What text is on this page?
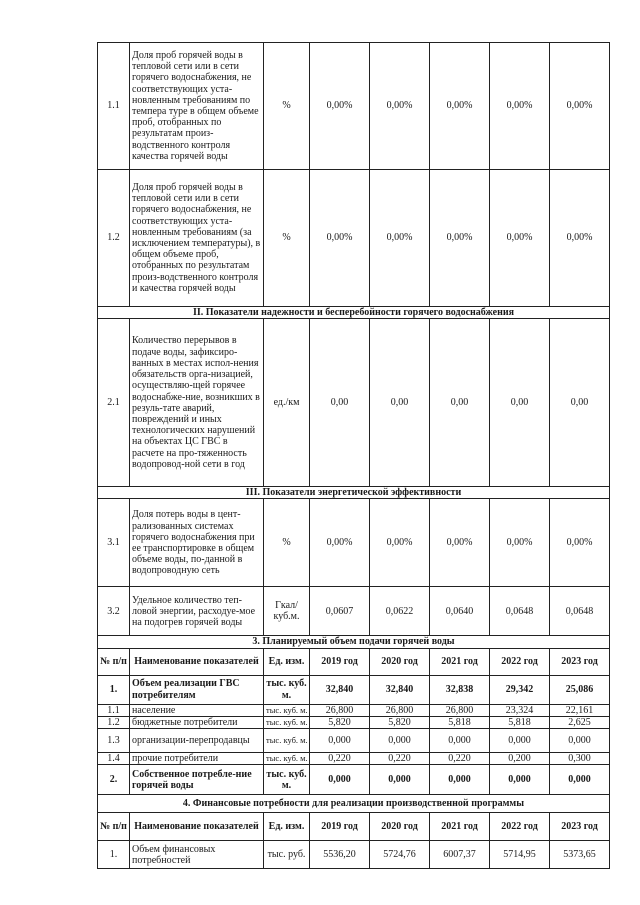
1.1	Доля проб горячей воды в тепловой сети или в сети горячего водоснабжения, не соответствующих уста-новленным требованиям по темпера туре в общем объеме проб, отобранных по результатам произ-водственного контроля качества горячей воды	%	0,00%	0,00%	0,00%	0,00%	0,00%
1.2	Доля проб горячей воды в тепловой сети или в сети горячего водоснабжения, не соответствующих уста-новленным требованиям (за исключением температуры), в общем объеме проб, отобранных по результатам произ-водственного контроля и качества горячей воды	%	0,00%	0,00%	0,00%	0,00%	0,00%
II. Показатели надежности и бесперебойности горячего водоснабжения							
2.1	Количество перерывов в подаче воды, зафиксиро-ванных в местах испол-нения обязательств орга-низацией, осуществляю-щей горячее водоснабже-ние, возникших в резуль-тате аварий, повреждений и иных технологических нарушений на объектах ЦС ГВС в расчете на про-тяженность водопровод-ной сети в год	ед./км	0,00	0,00	0,00	0,00	0,00
III. Показатели энергетической эффективности							
3.1	Доля потерь воды в цент-рализованных системах горячего водоснабжения при ее транспортировке в общем объеме воды, по-данной в водопроводную сеть	%	0,00%	0,00%	0,00%	0,00%	0,00%
3.2	Удельное количество теп-ловой энергии, расходуе-мое на подогрев горячей воды	Гкал/ куб.м.	0,0607	0,0622	0,0640	0,0648	0,0648
3. Планируемый объем подачи горячей воды							
№ п/п	Наименование показателей	Ед. изм.	2019 год	2020 год	2021 год	2022 год	2023 год
1.	Объем реализации ГВС потребителям	тыс. куб. м.	32,840	32,840	32,838	29,342	25,086
1.1	население	тыс. куб. м.	26,800	26,800	26,800	23,324	22,161
1.2	бюджетные потребители	тыс. куб. м.	5,820	5,820	5,818	5,818	2,625
1.3	организации-перепродавцы	тыс. куб. м.	0,000	0,000	0,000	0,000	0,000
1.4	прочие потребители	тыс. куб. м.	0,220	0,220	0,220	0,200	0,300
2.	Собственное потребле-ние горячей воды	тыс. куб. м.	0,000	0,000	0,000	0,000	0,000
4. Финансовые потребности для реализации производственной программы							
№ п/п	Наименование показателей	Ед. изм.	2019 год	2020 год	2021 год	2022 год	2023 год
1.	Объем финансовых потребностей	тыс. руб.	5536,20	5724,76	6007,37	5714,95	5373,65
